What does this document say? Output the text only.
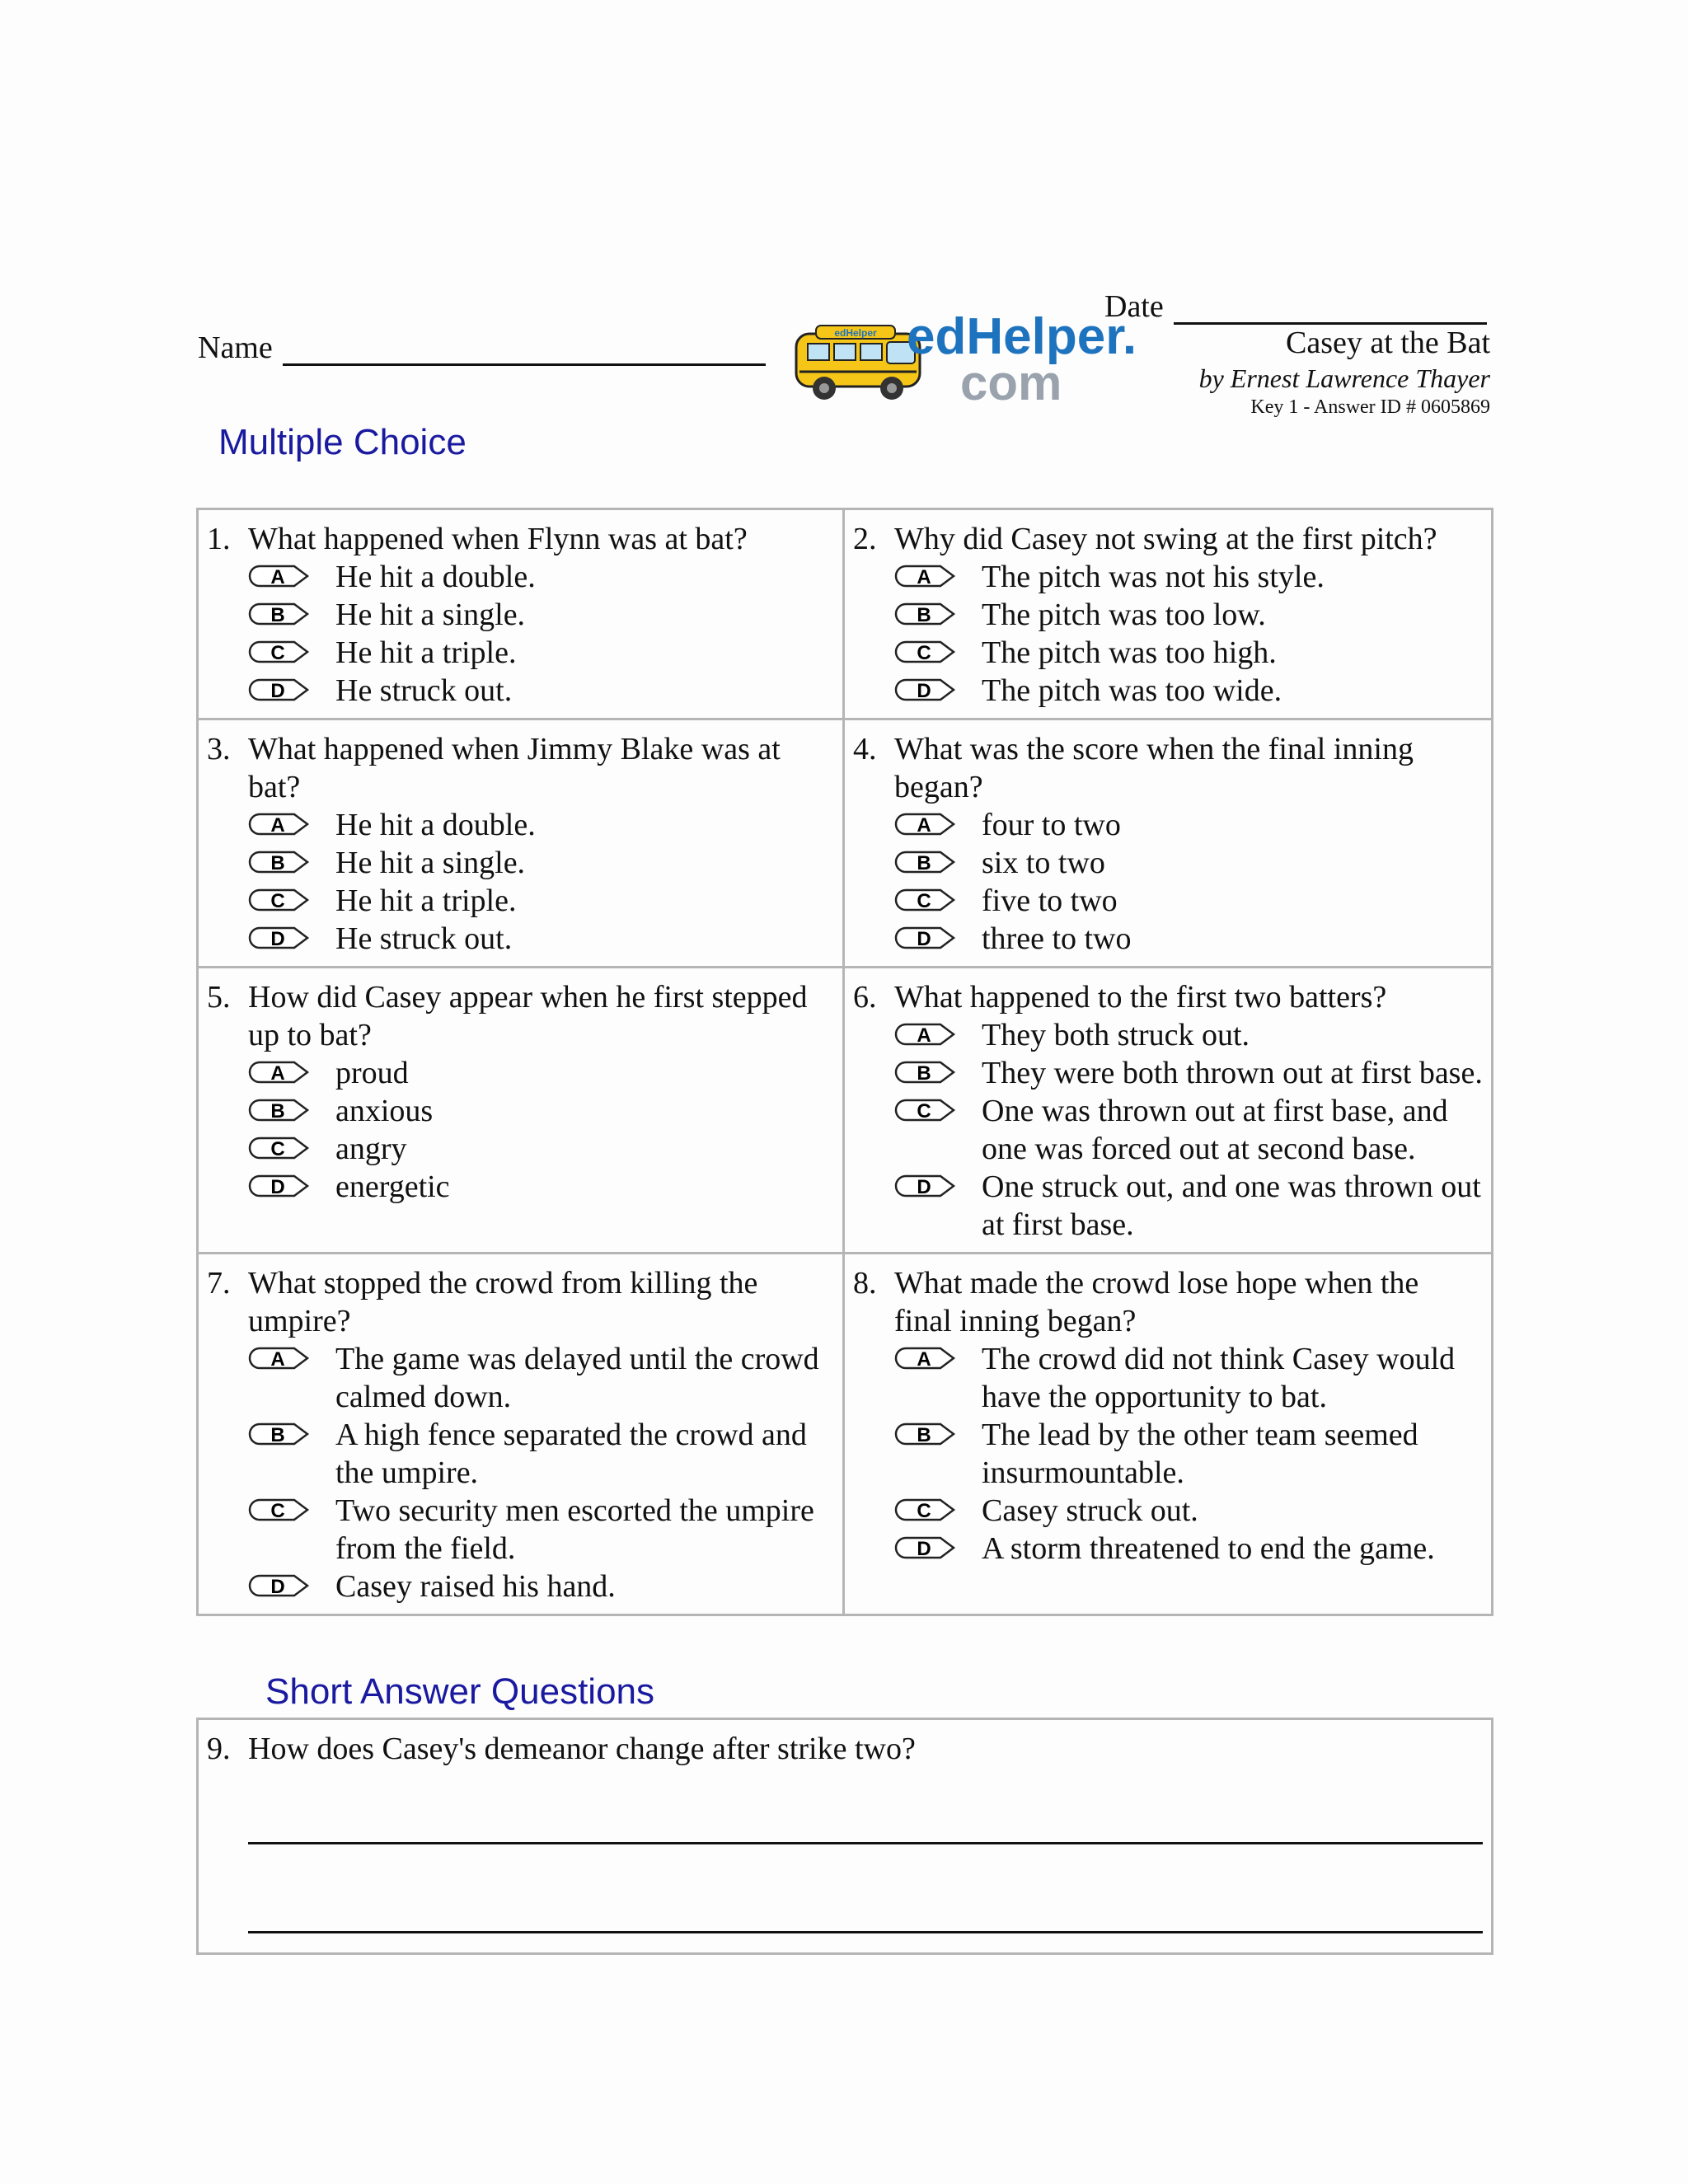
Name	edHelper edHelper.
com
Date
Casey at the Bat
by Ernest Lawrence Thayer
Key 1 - Answer ID # 0605869
Multiple Choice
1. What happened when Flynn was at bat?
A He hit a double.
B He hit a single.
C He hit a triple.
D He struck out.
2. Why did Casey not swing at the first pitch?
A The pitch was not his style.
B The pitch was too low.
C The pitch was too high.
D The pitch was too wide.
3. What happened when Jimmy Blake was at bat?
A He hit a double.
B He hit a single.
C He hit a triple.
D He struck out.
4. What was the score when the final inning began?
A four to two
B six to two
C five to two
D three to two
5. How did Casey appear when he first stepped up to bat?
A proud
B anxious
C angry
D energetic
6. What happened to the first two batters?
A They both struck out.
B They were both thrown out at first base.
C One was thrown out at first base, and one was forced out at second base.
D One struck out, and one was thrown out at first base.
7. What stopped the crowd from killing the umpire?
A The game was delayed until the crowd calmed down.
B A high fence separated the crowd and the umpire.
C Two security men escorted the umpire from the field.
D Casey raised his hand.
8. What made the crowd lose hope when the final inning began?
A The crowd did not think Casey would have the opportunity to bat.
B The lead by the other team seemed insurmountable.
C Casey struck out.
D A storm threatened to end the game.
Short Answer Questions
9. How does Casey's demeanor change after strike two?
